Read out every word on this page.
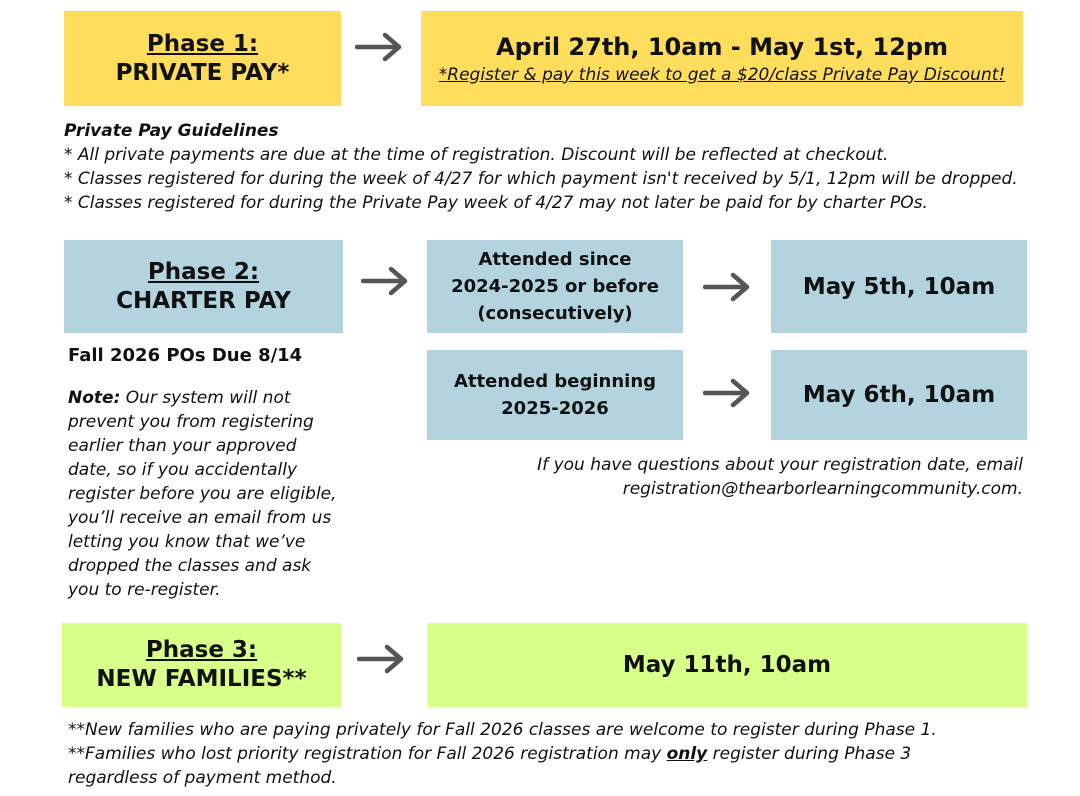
Phase 1:
PRIVATE PAY*
April 27th, 10am - May 1st, 12pm
*Register & pay this week to get a $20/class Private Pay Discount!
Private Pay Guidelines
* All private payments are due at the time of registration. Discount will be reflected at checkout.
* Classes registered for during the week of 4/27 for which payment isn't received by 5/1, 12pm will be dropped.
* Classes registered for during the Private Pay week of 4/27 may not later be paid for by charter POs.
Phase 2:
CHARTER PAY
Attended since
2024-2025 or before
(consecutively)
May 5th, 10am
Attended beginning
2025-2026
May 6th, 10am
Fall 2026 POs Due 8/14
Note: Our system will not
prevent you from registering
earlier than your approved
date, so if you accidentally
register before you are eligible,
you’ll receive an email from us
letting you know that we’ve
dropped the classes and ask
you to re-register.
If you have questions about your registration date, email
registration@thearborlearningcommunity.com.
Phase 3:
NEW FAMILIES**
May 11th, 10am
**New families who are paying privately for Fall 2026 classes are welcome to register during Phase 1.
**Families who lost priority registration for Fall 2026 registration may only register during Phase 3
regardless of payment method.
